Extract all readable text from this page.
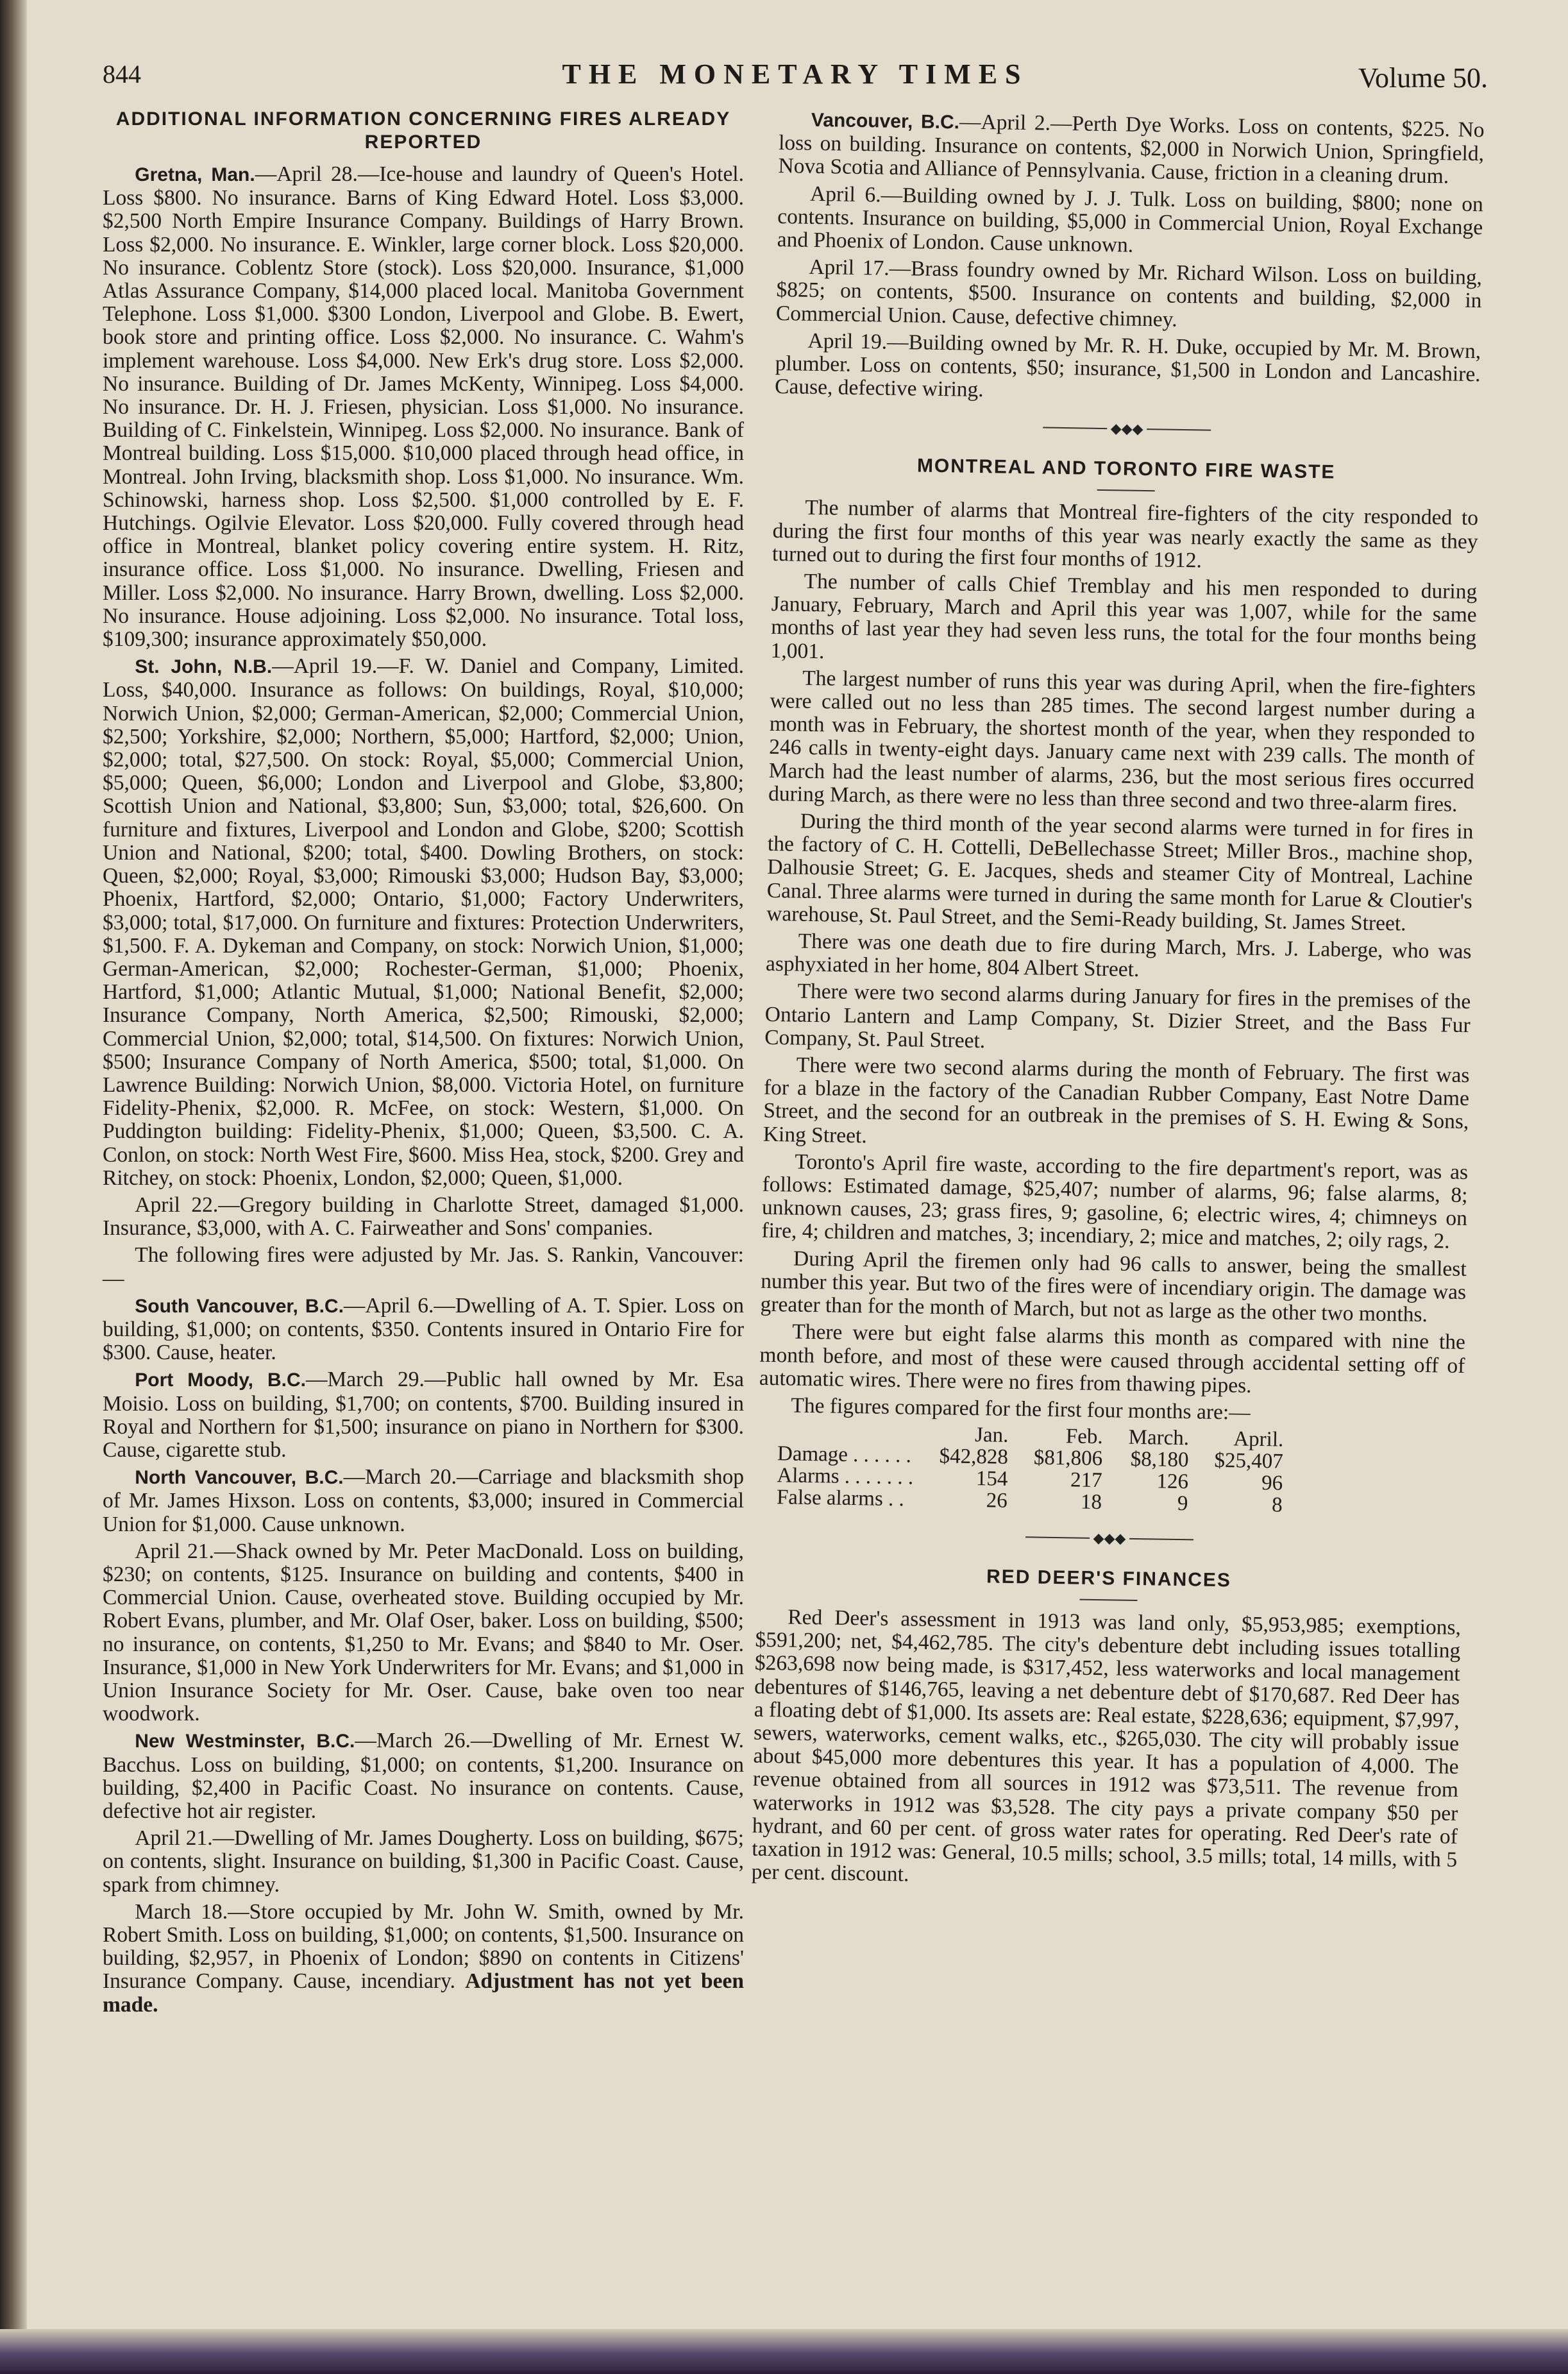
844	THE MONETARY TIMES	Volume 50.
ADDITIONAL INFORMATION CONCERNING FIRES ALREADY REPORTED

Gretna, Man.—April 28.—Ice-house and laundry of Queen's Hotel. Loss $800. No insurance. Barns of King Edward Hotel. Loss $3,000. $2,500 North Empire Insurance Company. Buildings of Harry Brown. Loss $2,000. No insurance. E. Winkler, large corner block. Loss $20,000. No insurance. Coblentz Store (stock). Loss $20,000. Insurance, $1,000 Atlas Assurance Company, $14,000 placed local. Manitoba Government Telephone. Loss $1,000. $300 London, Liverpool and Globe. B. Ewert, book store and printing office. Loss $2,000. No insurance. C. Wahm's implement warehouse. Loss $4,000. New Erk's drug store. Loss $2,000. No insurance. Building of Dr. James McKenty, Winnipeg. Loss $4,000. No insurance. Dr. H. J. Friesen, physician. Loss $1,000. No insurance. Building of C. Finkelstein, Winnipeg. Loss $2,000. No insurance. Bank of Montreal building. Loss $15,000. $10,000 placed through head office, in Montreal. John Irving, blacksmith shop. Loss $1,000. No insurance. Wm. Schinowski, harness shop. Loss $2,500. $1,000 controlled by E. F. Hutchings. Ogilvie Elevator. Loss $20,000. Fully covered through head office in Montreal, blanket policy covering entire system. H. Ritz, insurance office. Loss $1,000. No insurance. Dwelling, Friesen and Miller. Loss $2,000. No insurance. Harry Brown, dwelling. Loss $2,000. No insurance. House adjoining. Loss $2,000. No insurance. Total loss, $109,300; insurance approximately $50,000.

St. John, N.B.—April 19.—F. W. Daniel and Company, Limited. Loss, $40,000. Insurance as follows: On buildings, Royal, $10,000; Norwich Union, $2,000; German-American, $2,000; Commercial Union, $2,500; Yorkshire, $2,000; Northern, $5,000; Hartford, $2,000; Union, $2,000; total, $27,500. On stock: Royal, $5,000; Commercial Union, $5,000; Queen, $6,000; London and Liverpool and Globe, $3,800; Scottish Union and National, $3,800; Sun, $3,000; total, $26,600. On furniture and fixtures, Liverpool and London and Globe, $200; Scottish Union and National, $200; total, $400. Dowling Brothers, on stock: Queen, $2,000; Royal, $3,000; Rimouski $3,000; Hudson Bay, $3,000; Phoenix, Hartford, $2,000; Ontario, $1,000; Factory Underwriters, $3,000; total, $17,000. On furniture and fixtures: Protection Underwriters, $1,500. F. A. Dykeman and Company, on stock: Norwich Union, $1,000; German-American, $2,000; Rochester-German, $1,000; Phoenix, Hartford, $1,000; Atlantic Mutual, $1,000; National Benefit, $2,000; Insurance Company, North America, $2,500; Rimouski, $2,000; Commercial Union, $2,000; total, $14,500. On fixtures: Norwich Union, $500; Insurance Company of North America, $500; total, $1,000. On Lawrence Building: Norwich Union, $8,000. Victoria Hotel, on furniture Fidelity-Phenix, $2,000. R. McFee, on stock: Western, $1,000. On Puddington building: Fidelity-Phenix, $1,000; Queen, $3,500. C. A. Conlon, on stock: North West Fire, $600. Miss Hea, stock, $200. Grey and Ritchey, on stock: Phoenix, London, $2,000; Queen, $1,000.

April 22.—Gregory building in Charlotte Street, damaged $1,000. Insurance, $3,000, with A. C. Fairweather and Sons' companies.

The following fires were adjusted by Mr. Jas. S. Rankin, Vancouver:—

South Vancouver, B.C.—April 6.—Dwelling of A. T. Spier. Loss on building, $1,000; on contents, $350. Contents insured in Ontario Fire for $300. Cause, heater.

Port Moody, B.C.—March 29.—Public hall owned by Mr. Esa Moisio. Loss on building, $1,700; on contents, $700. Building insured in Royal and Northern for $1,500; insurance on piano in Northern for $300. Cause, cigarette stub.

North Vancouver, B.C.—March 20.—Carriage and blacksmith shop of Mr. James Hixson. Loss on contents, $3,000; insured in Commercial Union for $1,000. Cause unknown.

April 21.—Shack owned by Mr. Peter MacDonald. Loss on building, $230; on contents, $125. Insurance on building and contents, $400 in Commercial Union. Cause, overheated stove. Building occupied by Mr. Robert Evans, plumber, and Mr. Olaf Oser, baker. Loss on building, $500; no insurance, on contents, $1,250 to Mr. Evans; and $840 to Mr. Oser. Insurance, $1,000 in New York Underwriters for Mr. Evans; and $1,000 in Union Insurance Society for Mr. Oser. Cause, bake oven too near woodwork.

New Westminster, B.C.—March 26.—Dwelling of Mr. Ernest W. Bacchus. Loss on building, $1,000; on contents, $1,200. Insurance on building, $2,400 in Pacific Coast. No insurance on contents. Cause, defective hot air register.

April 21.—Dwelling of Mr. James Dougherty. Loss on building, $675; on contents, slight. Insurance on building, $1,300 in Pacific Coast. Cause, spark from chimney.

March 18.—Store occupied by Mr. John W. Smith, owned by Mr. Robert Smith. Loss on building, $1,000; on contents, $1,500. Insurance on building, $2,957, in Phoenix of London; $890 on contents in Citizens' Insurance Company. Cause, incendiary. Adjustment has not yet been made.

Vancouver, B.C.—April 2.—Perth Dye Works. Loss on contents, $225. No loss on building. Insurance on contents, $2,000 in Norwich Union, Springfield, Nova Scotia and Alliance of Pennsylvania. Cause, friction in a cleaning drum.

April 6.—Building owned by J. J. Tulk. Loss on building, $800; none on contents. Insurance on building, $5,000 in Commercial Union, Royal Exchange and Phoenix of London. Cause unknown.

April 17.—Brass foundry owned by Mr. Richard Wilson. Loss on building, $825; on contents, $500. Insurance on contents and building, $2,000 in Commercial Union. Cause, defective chimney.

April 19.—Building owned by Mr. R. H. Duke, occupied by Mr. M. Brown, plumber. Loss on contents, $50; insurance, $1,500 in London and Lancashire. Cause, defective wiring.

◆◆◆
MONTREAL AND TORONTO FIRE WASTE

The number of alarms that Montreal fire-fighters of the city responded to during the first four months of this year was nearly exactly the same as they turned out to during the first four months of 1912.

The number of calls Chief Tremblay and his men responded to during January, February, March and April this year was 1,007, while for the same months of last year they had seven less runs, the total for the four months being 1,001.

The largest number of runs this year was during April, when the fire-fighters were called out no less than 285 times. The second largest number during a month was in February, the shortest month of the year, when they responded to 246 calls in twenty-eight days. January came next with 239 calls. The month of March had the least number of alarms, 236, but the most serious fires occurred during March, as there were no less than three second and two three-alarm fires.

During the third month of the year second alarms were turned in for fires in the factory of C. H. Cottelli, DeBellechasse Street; Miller Bros., machine shop, Dalhousie Street; G. E. Jacques, sheds and steamer City of Montreal, Lachine Canal. Three alarms were turned in during the same month for Larue & Cloutier's warehouse, St. Paul Street, and the Semi-Ready building, St. James Street.

There was one death due to fire during March, Mrs. J. Laberge, who was asphyxiated in her home, 804 Albert Street.

There were two second alarms during January for fires in the premises of the Ontario Lantern and Lamp Company, St. Dizier Street, and the Bass Fur Company, St. Paul Street.

There were two second alarms during the month of February. The first was for a blaze in the factory of the Canadian Rubber Company, East Notre Dame Street, and the second for an outbreak in the premises of S. H. Ewing & Sons, King Street.

Toronto's April fire waste, according to the fire department's report, was as follows: Estimated damage, $25,407; number of alarms, 96; false alarms, 8; unknown causes, 23; grass fires, 9; gasoline, 6; electric wires, 4; chimneys on fire, 4; children and matches, 3; incendiary, 2; mice and matches, 2; oily rags, 2.

During April the firemen only had 96 calls to answer, being the smallest number this year. But two of the fires were of incendiary origin. The damage was greater than for the month of March, but not as large as the other two months.

There were but eight false alarms this month as compared with nine the month before, and most of these were caused through accidental setting off of automatic wires. There were no fires from thawing pipes.

The figures compared for the first four months are:—

	Jan.	Feb.	March.	April.
Damage . . . . . .	$42,828	$81,806	$8,180	$25,407
Alarms . . . . . . .	154	217	126	96
False alarms . .	26	18	9	8
◆◆◆
RED DEER'S FINANCES

Red Deer's assessment in 1913 was land only, $5,953,985; exemptions, $591,200; net, $4,462,785. The city's debenture debt including issues totalling $263,698 now being made, is $317,452, less waterworks and local management debentures of $146,765, leaving a net debenture debt of $170,687. Red Deer has a floating debt of $1,000. Its assets are: Real estate, $228,636; equipment, $7,997, sewers, waterworks, cement walks, etc., $265,030. The city will probably issue about $45,000 more debentures this year. It has a population of 4,000. The revenue obtained from all sources in 1912 was $73,511. The revenue from waterworks in 1912 was $3,528. The city pays a private company $50 per hydrant, and 60 per cent. of gross water rates for operating. Red Deer's rate of taxation in 1912 was: General, 10.5 mills; school, 3.5 mills; total, 14 mills, with 5 per cent. discount.
